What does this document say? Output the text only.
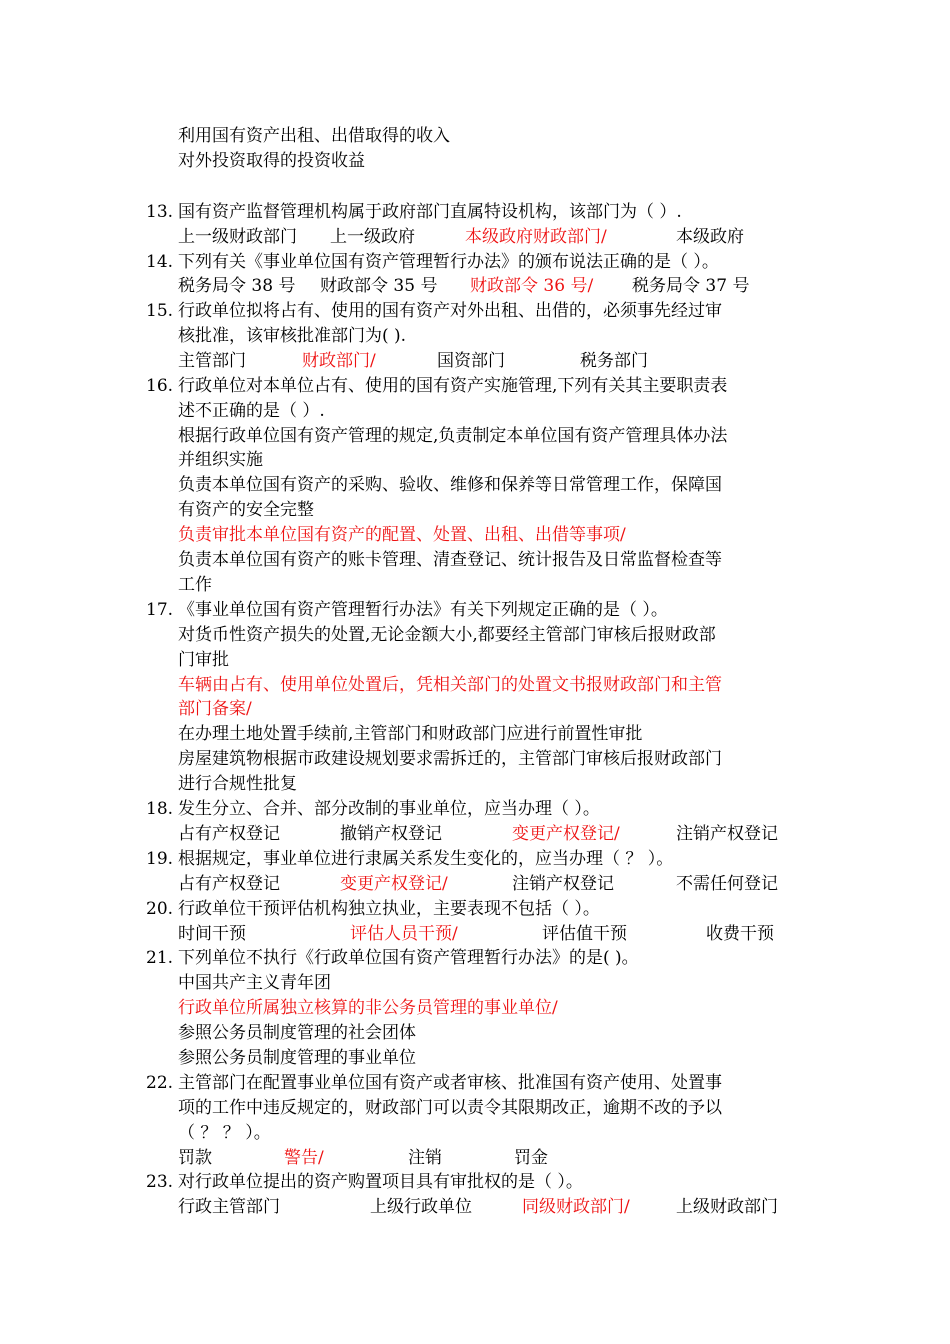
利用国有资产出租、出借取得的收入
对外投资取得的投资收益
13. 国有资产监督管理机构属于政府部门直属特设机构，该部门为（ ）.
上一级财政部门 上一级政府	本级政府财政部门/	本级政府
14. 下列有关《事业单位国有资产管理暂行办法》的颁布说法正确的是（ ）。
税务局令 38 号 财政部令 35 号 财政部令 36 号/ 税务局令 37 号
15. 行政单位拟将占有、使用的国有资产对外出租、出借的，必须事先经过审
核批准，该审核批准部门为( ).
主管部门	财政部门/	国资部门	税务部门
16. 行政单位对本单位占有、使用的国有资产实施管理,下列有关其主要职责表
述不正确的是（ ）.
根据行政单位国有资产管理的规定,负责制定本单位国有资产管理具体办法
并组织实施
负责本单位国有资产的采购、验收、维修和保养等日常管理工作，保障国
有资产的安全完整
负责审批本单位国有资产的配置、处置、出租、出借等事项/
负责本单位国有资产的账卡管理、清查登记、统计报告及日常监督检查等
工作
17. 《事业单位国有资产管理暂行办法》有关下列规定正确的是（ ）。
对货币性资产损失的处置,无论金额大小,都要经主管部门审核后报财政部
门审批
车辆由占有、使用单位处置后，凭相关部门的处置文书报财政部门和主管
部门备案/
在办理土地处置手续前,主管部门和财政部门应进行前置性审批
房屋建筑物根据市政建设规划要求需拆迁的，主管部门审核后报财政部门
进行合规性批复
18. 发生分立、合并、部分改制的事业单位，应当办理（ ）。
占有产权登记	撤销产权登记	变更产权登记/	注销产权登记
19. 根据规定，事业单位进行隶属关系发生变化的，应当办理（ ？ ）。
占有产权登记	变更产权登记/	注销产权登记	不需任何登记
20. 行政单位干预评估机构独立执业，主要表现不包括（ ）。
时间干预	评估人员干预/	评估值干预	收费干预
21. 下列单位不执行《行政单位国有资产管理暂行办法》的是( )。
中国共产主义青年团
行政单位所属独立核算的非公务员管理的事业单位/
参照公务员制度管理的社会团体
参照公务员制度管理的事业单位
22. 主管部门在配置事业单位国有资产或者审核、批准国有资产使用、处置事
项的工作中违反规定的，财政部门可以责令其限期改正，逾期不改的予以
（ ？ ？ ）。
罚款	警告/	注销	罚金
23. 对行政单位提出的资产购置项目具有审批权的是（ ）。
行政主管部门	上级行政单位	同级财政部门/	上级财政部门
